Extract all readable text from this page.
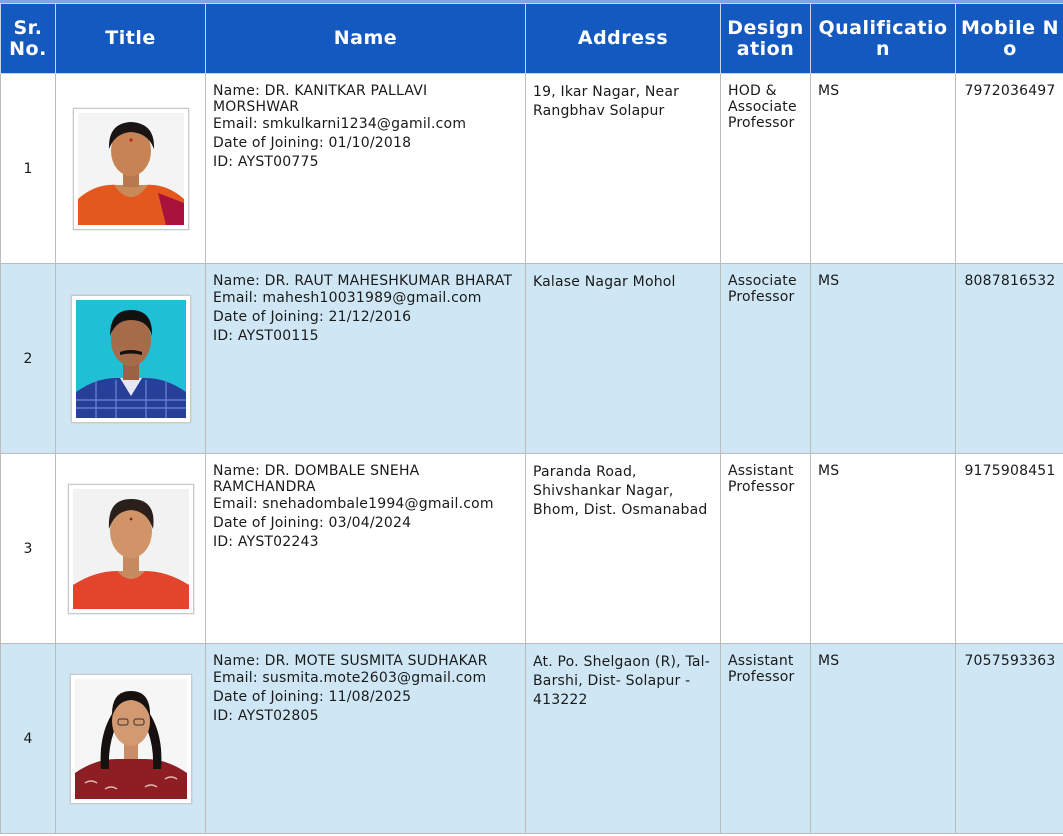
Sr. No.	Title	Name	Address	Designation	Qualification	Mobile No
1		Name: DR. KANITKAR PALLAVI MORSHWAR
Email: smkulkarni1234@gamil.com
Date of Joining: 01/10/2018
ID: AYST00775	19, Ikar Nagar, Near Rangbhav Solapur	HOD & Associate Professor	MS	7972036497
2		Name: DR. RAUT MAHESHKUMAR BHARAT
Email: mahesh10031989@gmail.com
Date of Joining: 21/12/2016
ID: AYST00115	Kalase Nagar Mohol	Associate Professor	MS	8087816532
3		Name: DR. DOMBALE SNEHA RAMCHANDRA
Email: snehadombale1994@gmail.com
Date of Joining: 03/04/2024
ID: AYST02243	Paranda Road, Shivshankar Nagar, Bhom, Dist. Osmanabad	Assistant Professor	MS	9175908451
4		Name: DR. MOTE SUSMITA SUDHAKAR
Email: susmita.mote2603@gmail.com
Date of Joining: 11/08/2025
ID: AYST02805	At. Po. Shelgaon (R), Tal-Barshi, Dist- Solapur - 413222	Assistant Professor	MS	7057593363
